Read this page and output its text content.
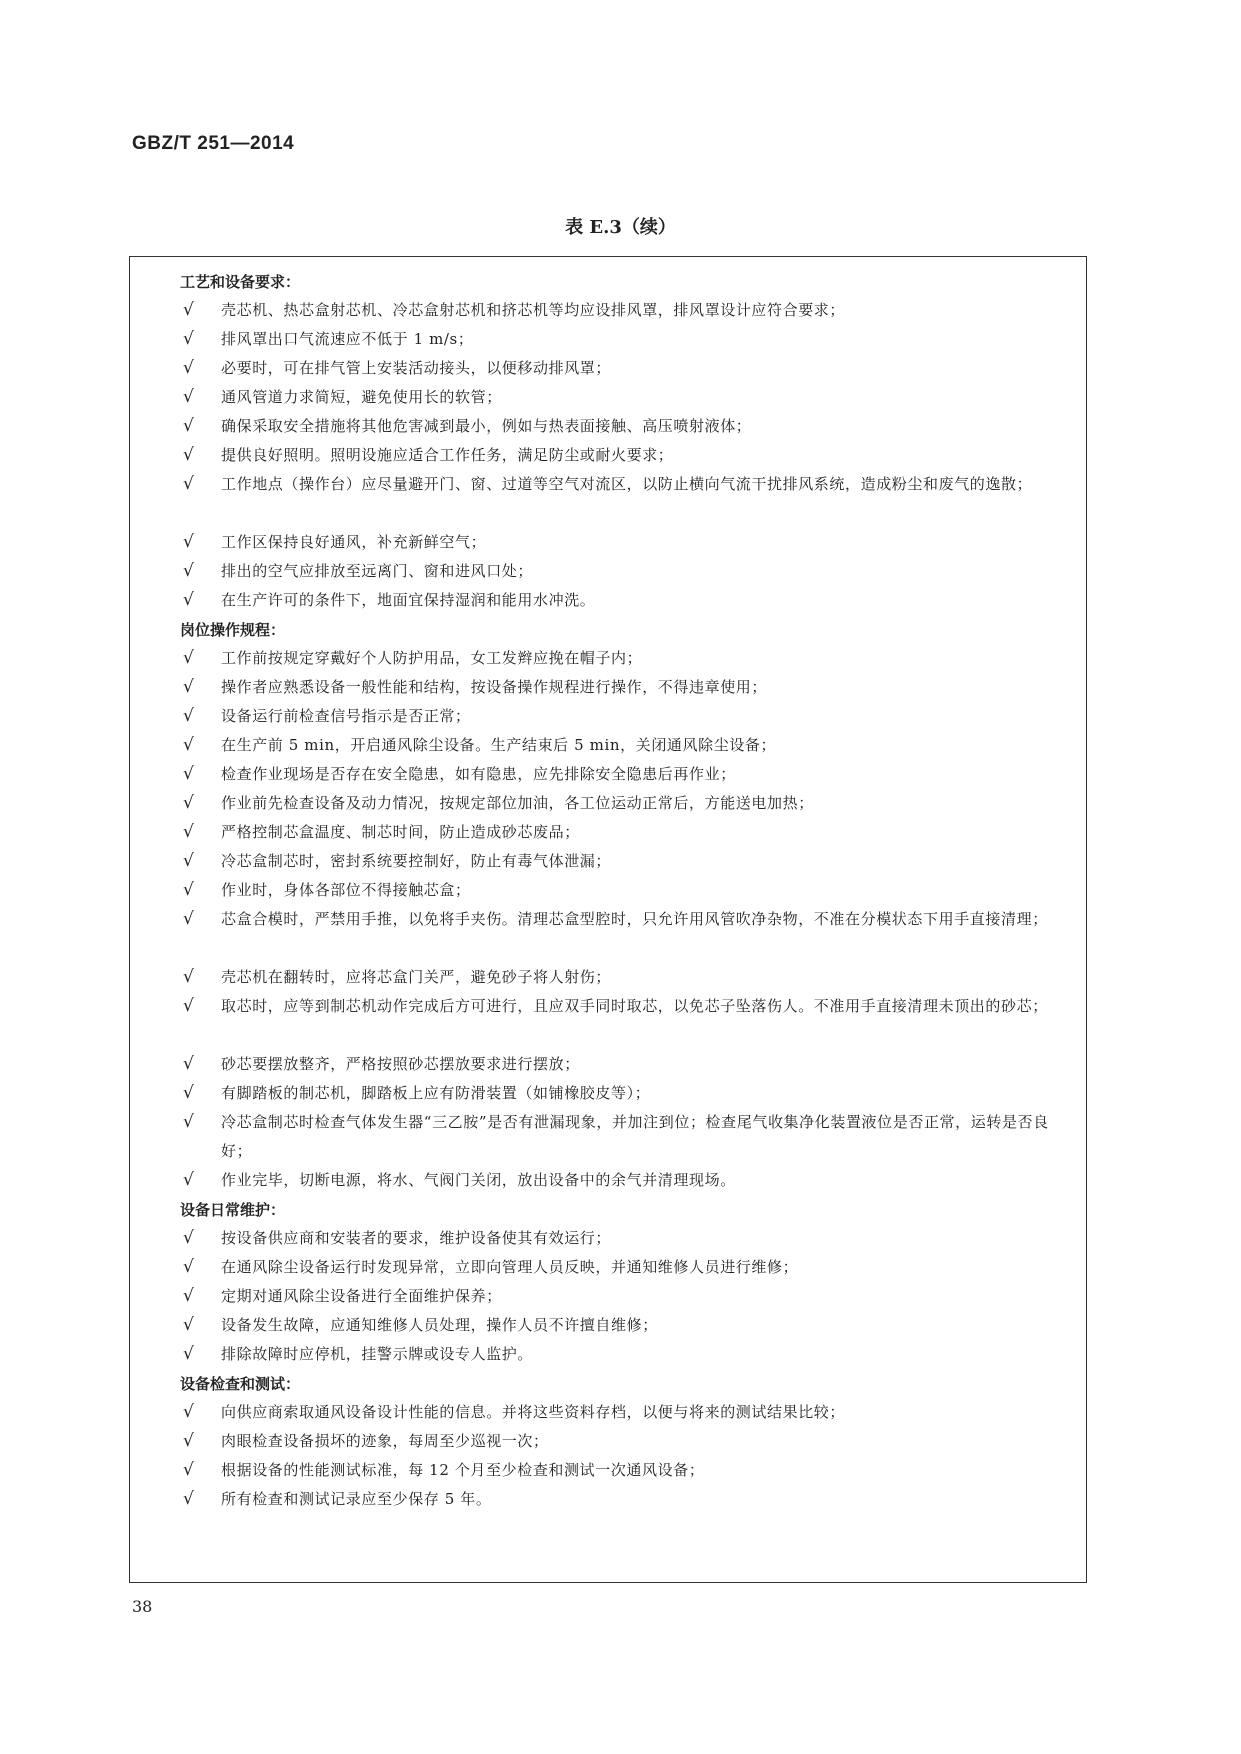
GBZ/T 251—2014
表 E.3（续）
工艺和设备要求：
√ 壳芯机、热芯盒射芯机、冷芯盒射芯机和挤芯机等均应设排风罩，排风罩设计应符合要求；
√ 排风罩出口气流速应不低于 1 m/s；
√ 必要时，可在排气管上安装活动接头，以便移动排风罩；
√ 通风管道力求简短，避免使用长的软管；
√ 确保采取安全措施将其他危害减到最小，例如与热表面接触、高压喷射液体；
√ 提供良好照明。照明设施应适合工作任务，满足防尘或耐火要求；
√ 工作地点（操作台）应尽量避开门、窗、过道等空气对流区，以防止横向气流干扰排风系统，造成粉尘和废气的逸散；
√ 工作区保持良好通风，补充新鲜空气；
√ 排出的空气应排放至远离门、窗和进风口处；
√ 在生产许可的条件下，地面宜保持湿润和能用水冲洗。
岗位操作规程：
√ 工作前按规定穿戴好个人防护用品，女工发辫应挽在帽子内；
√ 操作者应熟悉设备一般性能和结构，按设备操作规程进行操作，不得违章使用；
√ 设备运行前检查信号指示是否正常；
√ 在生产前 5 min，开启通风除尘设备。生产结束后 5 min，关闭通风除尘设备；
√ 检查作业现场是否存在安全隐患，如有隐患，应先排除安全隐患后再作业；
√ 作业前先检查设备及动力情况，按规定部位加油，各工位运动正常后，方能送电加热；
√ 严格控制芯盒温度、制芯时间，防止造成砂芯废品；
√ 冷芯盒制芯时，密封系统要控制好，防止有毒气体泄漏；
√ 作业时，身体各部位不得接触芯盒；
√ 芯盒合模时，严禁用手推，以免将手夹伤。清理芯盒型腔时，只允许用风管吹净杂物，不准在分模状态下用手直接清理；
√ 壳芯机在翻转时，应将芯盒门关严，避免砂子将人射伤；
√ 取芯时，应等到制芯机动作完成后方可进行，且应双手同时取芯，以免芯子坠落伤人。不准用手直接清理未顶出的砂芯；
√ 砂芯要摆放整齐，严格按照砂芯摆放要求进行摆放；
√ 有脚踏板的制芯机，脚踏板上应有防滑装置（如铺橡胶皮等）；
√ 冷芯盒制芯时检查气体发生器“三乙胺”是否有泄漏现象，并加注到位；检查尾气收集净化装置液位是否正常，运转是否良好；
√ 作业完毕，切断电源，将水、气阀门关闭，放出设备中的余气并清理现场。
设备日常维护：
√ 按设备供应商和安装者的要求，维护设备使其有效运行；
√ 在通风除尘设备运行时发现异常，立即向管理人员反映，并通知维修人员进行维修；
√ 定期对通风除尘设备进行全面维护保养；
√ 设备发生故障，应通知维修人员处理，操作人员不许擅自维修；
√ 排除故障时应停机，挂警示牌或设专人监护。
设备检查和测试：
√ 向供应商索取通风设备设计性能的信息。并将这些资料存档，以便与将来的测试结果比较；
√ 肉眼检查设备损坏的迹象，每周至少巡视一次；
√ 根据设备的性能测试标准，每 12 个月至少检查和测试一次通风设备；
√ 所有检查和测试记录应至少保存 5 年。
38
